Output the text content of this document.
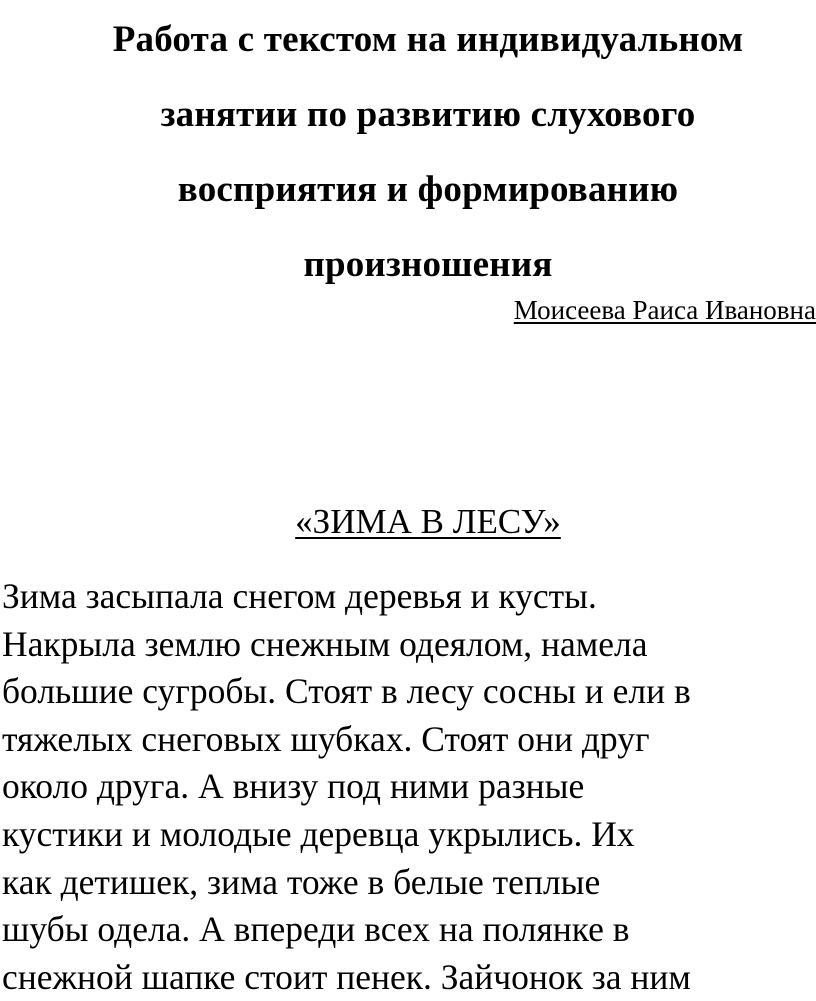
Работа с текстом на индивидуальном
занятии по развитию слухового
восприятия и формированию
произношения
Моисеева Раиса Ивановна
«ЗИМА В ЛЕСУ»
Зима засыпала снегом деревья и кусты.
Накрыла землю снежным одеялом, намела
большие сугробы. Стоят в лесу сосны и ели в
тяжелых снеговых шубках. Стоят они друг
около друга. А внизу под ними разные
кустики и молодые деревца укрылись. Их
как детишек, зима тоже в белые теплые
шубы одела. А впереди всех на полянке в
снежной шапке стоит пенек. Зайчонок за ним
